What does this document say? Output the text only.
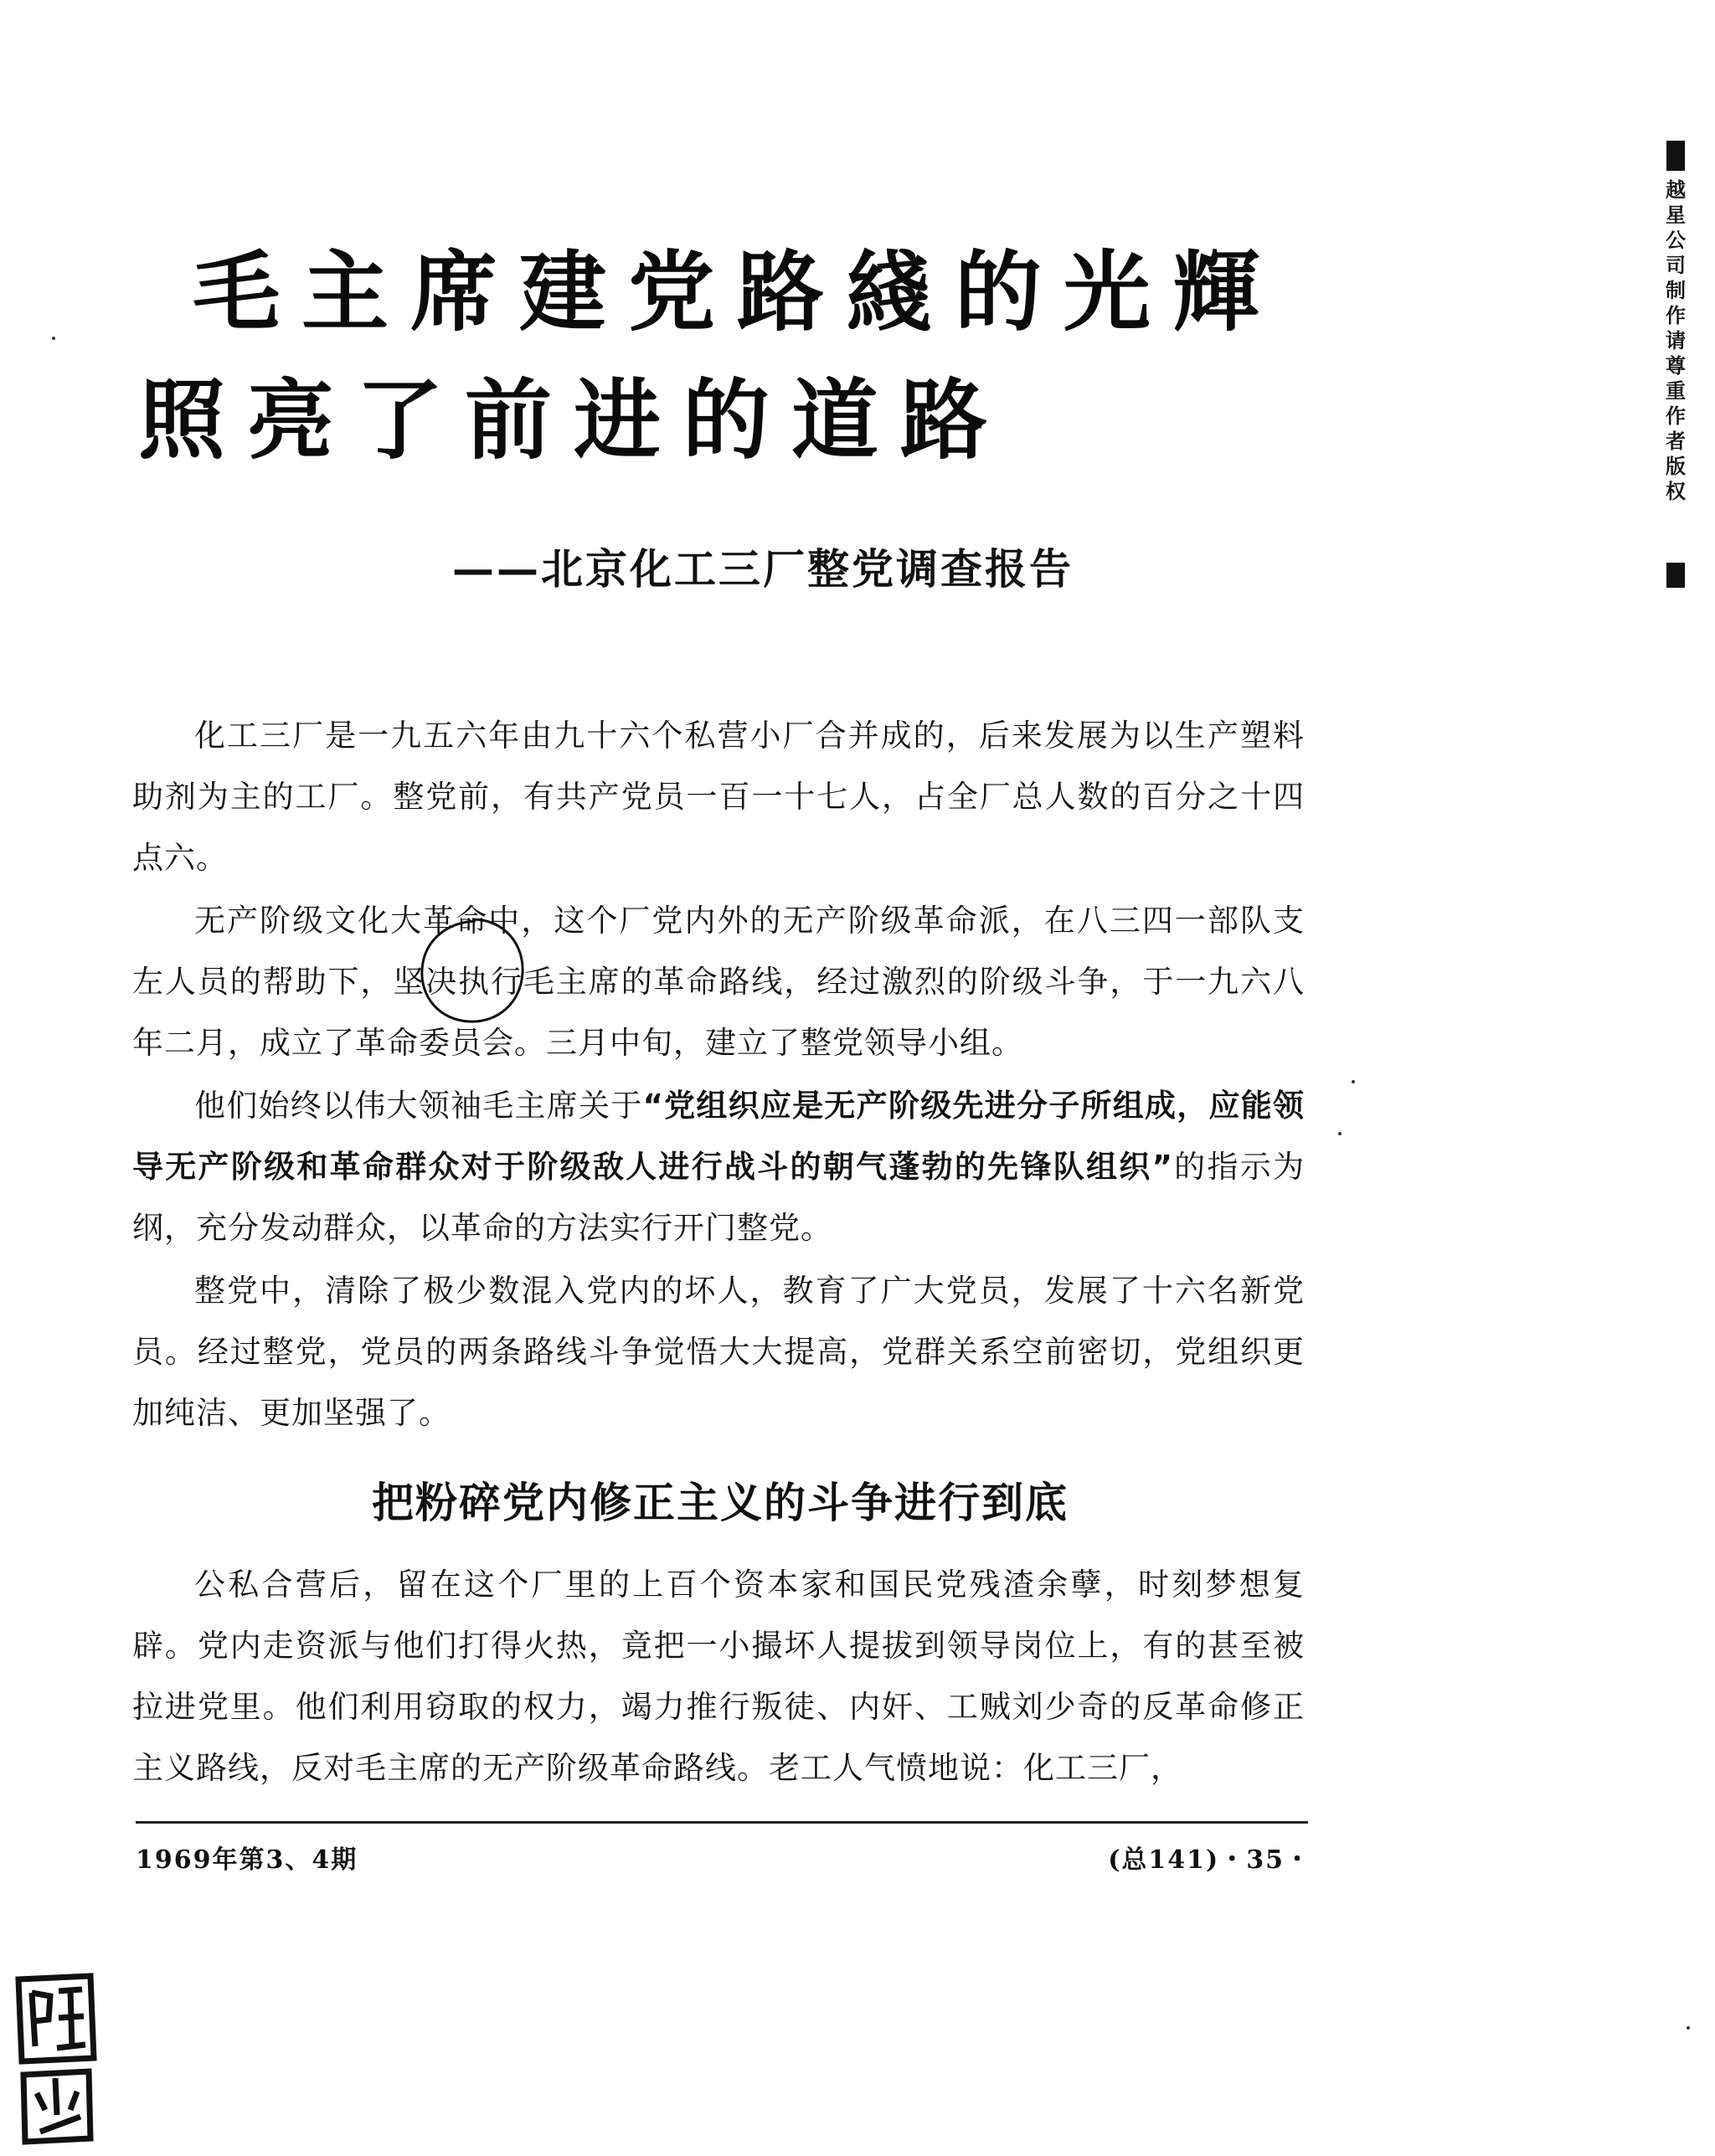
越星公司制作 请尊重作者版权
毛主席建党路綫的光輝
照亮了前进的道路
——北京化工三厂整党调查报告
化工三厂是一九五六年由九十六个私营小厂合并成的，后来发展为以生产塑料助剂为主的工厂。整党前，有共产党员一百一十七人，占全厂总人数的百分之十四点六。
无产阶级文化大革命中，这个厂党内外的无产阶级革命派，在八三四一部队支左人员的帮助下，坚决执行毛主席的革命路线，经过激烈的阶级斗争，于一九六八年二月，成立了革命委员会。三月中旬，建立了整党领导小组。
他们始终以伟大领袖毛主席关于“党组织应是无产阶级先进分子所组成，应能领导无产阶级和革命群众对于阶级敌人进行战斗的朝气蓬勃的先锋队组织”的指示为纲，充分发动群众，以革命的方法实行开门整党。
整党中，清除了极少数混入党内的坏人，教育了广大党员，发展了十六名新党员。经过整党，党员的两条路线斗争觉悟大大提高，党群关系空前密切，党组织更加纯洁、更加坚强了。
把粉碎党内修正主义的斗争进行到底
公私合营后，留在这个厂里的上百个资本家和国民党残渣余孽，时刻梦想复辟。党内走资派与他们打得火热，竟把一小撮坏人提拔到领导岗位上，有的甚至被拉进党里。他们利用窃取的权力，竭力推行叛徒、内奸、工贼刘少奇的反革命修正主义路线，反对毛主席的无产阶级革命路线。老工人气愤地说：化工三厂，
1969年第3、4期	(总141)・35・
